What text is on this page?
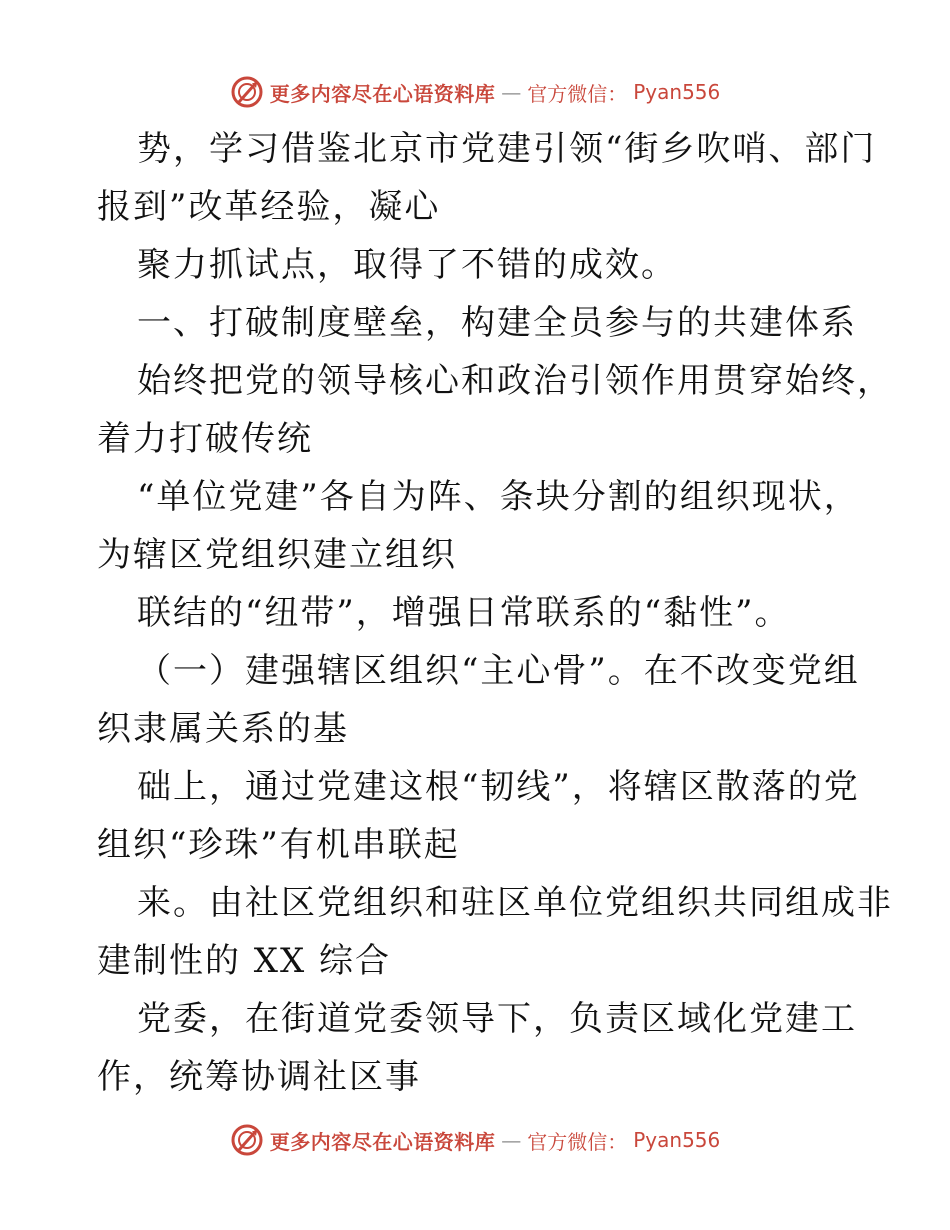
更多内容尽在心语资料库 — 官方微信： Pyan556
势，学习借鉴北京市党建引领“街乡吹哨、部门
报到”改革经验，凝心
聚力抓试点，取得了不错的成效。
一、打破制度壁垒，构建全员参与的共建体系
始终把党的领导核心和政治引领作用贯穿始终，
着力打破传统
“单位党建”各自为阵、条块分割的组织现状，
为辖区党组织建立组织
联结的“纽带”，增强日常联系的“黏性”。
（一）建强辖区组织“主心骨”。在不改变党组
织隶属关系的基
础上，通过党建这根“韧线”，将辖区散落的党
组织“珍珠”有机串联起
来。由社区党组织和驻区单位党组织共同组成非
建制性的 XX 综合
党委，在街道党委领导下，负责区域化党建工
作，统筹协调社区事
更多内容尽在心语资料库 — 官方微信： Pyan556
